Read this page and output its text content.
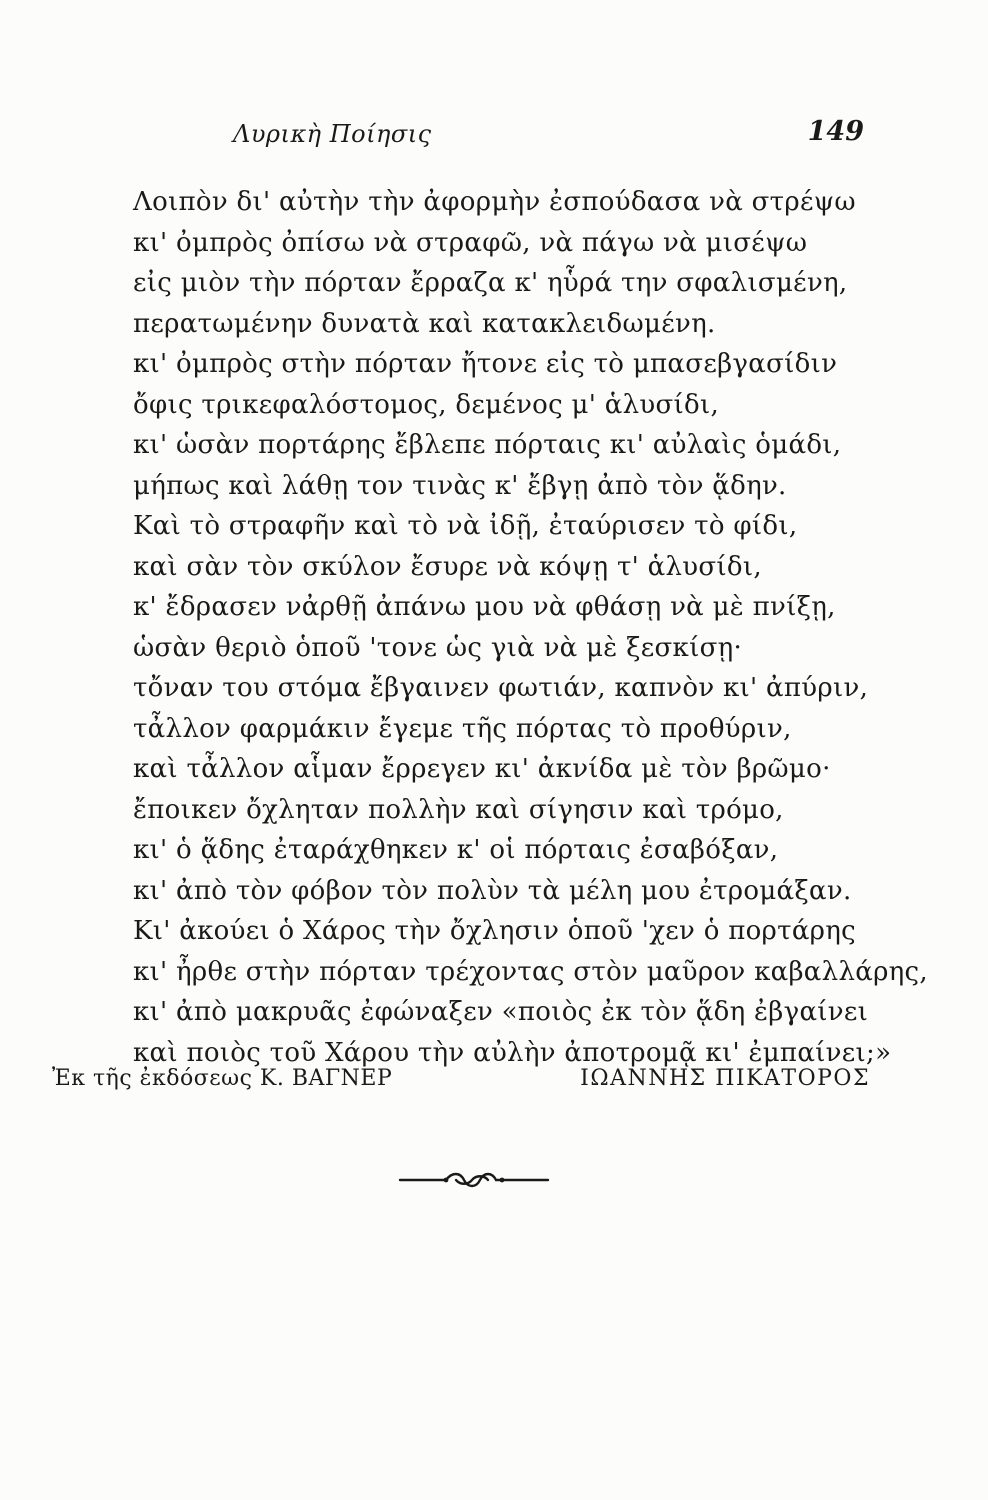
Λυρικὴ Ποίησις	149
Λοιπὸν δι' αὐτὴν τὴν ἀφορμὴν ἐσπούδασα νὰ στρέψω
κι' ὀμπρὸς ὀπίσω νὰ στραφῶ, νὰ πάγω νὰ μισέψω
εἰς μιὸν τὴν πόρταν ἔρραζα κ' ηὗρά την σφαλισμένη,
περατωμένην δυνατὰ καὶ κατακλειδωμένη.
κι' ὀμπρὸς στὴν πόρταν ἤτονε εἰς τὸ μπασεβγασίδιν
ὄφις τρικεφαλόστομος, δεμένος μ' ἁλυσίδι,
κι' ὡσὰν πορτάρης ἔβλεπε πόρταις κι' αὐλαὶς ὁμάδι,
μήπως καὶ λάθῃ τον τινὰς κ' ἔβγῃ ἀπὸ τὸν ᾅδην.
Καὶ τὸ στραφῆν καὶ τὸ νὰ ἰδῇ, ἐταύρισεν τὸ φίδι,
καὶ σὰν τὸν σκύλον ἔσυρε νὰ κόψῃ τ' ἁλυσίδι,
κ' ἔδρασεν νἀρθῇ ἀπάνω μου νὰ φθάσῃ νὰ μὲ πνίξῃ,
ὡσὰν θεριὸ ὁποῦ 'τονε ὡς γιὰ νὰ μὲ ξεσκίσῃ·
τὄναν του στόμα ἔβγαινεν φωτιάν, καπνὸν κι' ἀπύριν,
τἆλλον φαρμάκιν ἔγεμε τῆς πόρτας τὸ προθύριν,
καὶ τἆλλον αἷμαν ἔρρεγεν κι' ἀκνίδα μὲ τὸν βρῶμο·
ἔποικεν ὄχληταν πολλὴν καὶ σίγησιν καὶ τρόμο,
κι' ὁ ᾅδης ἐταράχθηκεν κ' οἱ πόρταις ἐσαβόξαν,
κι' ἀπὸ τὸν φόβον τὸν πολὺν τὰ μέλη μου ἐτρομάξαν.
Κι' ἀκούει ὁ Χάρος τὴν ὄχλησιν ὁποῦ 'χεν ὁ πορτάρης
κι' ἦρθε στὴν πόρταν τρέχοντας στὸν μαῦρον καβαλλάρης,
κι' ἀπὸ μακρυᾶς ἐφώναξεν «ποιὸς ἐκ τὸν ᾅδη ἐβγαίνει
καὶ ποιὸς τοῦ Χάρου τὴν αὐλὴν ἀποτρομᾷ κι' ἐμπαίνει;»
Ἐκ τῆς ἐκδόσεως Κ. ΒΑΓΝΕΡ	ΙΩΑΝΝΗΣ ΠΙΚΑΤΟΡΟΣ
